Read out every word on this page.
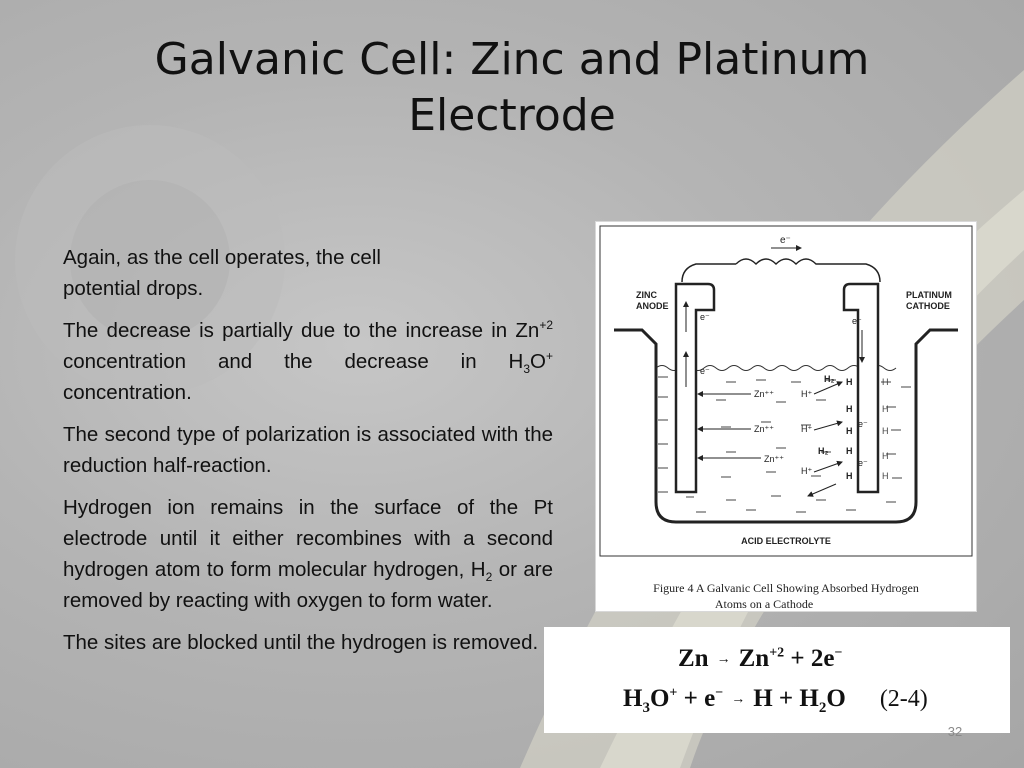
Galvanic Cell: Zinc and Platinum
Electrode

Again, as the cell operates, the cell potential drops.

The decrease is partially due to the increase in $Zn^{+2}$ concentration and the decrease in $H_3O^+$ concentration.

The second type of polarization is associated with the reduction half-reaction.

Hydrogen ion remains in the surface of the Pt electrode until it either recombines with a second hydrogen atom to form molecular hydrogen, $H_2$ or are removed by reacting with oxygen to form water.

The sites are blocked until the hydrogen is removed.

e⁻
ZINC
ANODE
PLATINUM
CATHODE
e⁻
e⁻
e⁻
Zn⁺⁺
Zn⁺⁺
Zn⁺⁺
H⁺
H⁺
H⁺
H₂
H₂
H
H
H
H
H
H
H
H
H
H
e⁻
e⁻
ACID ELECTROLYTE
Figure 4 A Galvanic Cell Showing Absorbed Hydrogen
Atoms on a Cathode
$Zn \to Zn^{+2} + 2e^-$
$H_3O^+ + e^- \to H + H_2O$ (2-4)
32
